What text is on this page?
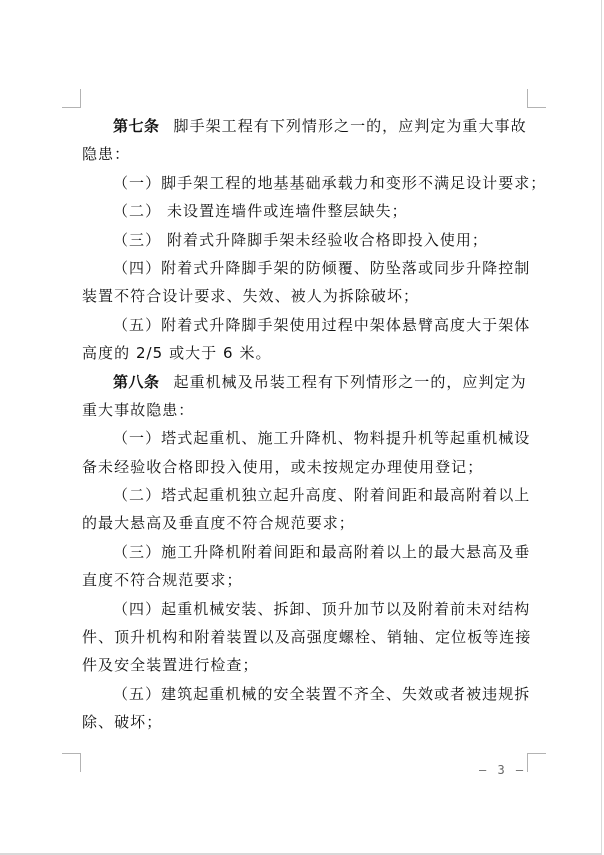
第七条 脚手架工程有下列情形之一的，应判定为重大事故
隐患：
（一）脚手架工程的地基基础承载力和变形不满足设计要求；
（二） 未设置连墙件或连墙件整层缺失；
（三） 附着式升降脚手架未经验收合格即投入使用；
（四）附着式升降脚手架的防倾覆、防坠落或同步升降控制
装置不符合设计要求、失效、被人为拆除破坏；
（五）附着式升降脚手架使用过程中架体悬臂高度大于架体
高度的 2/5 或大于 6 米。
第八条 起重机械及吊装工程有下列情形之一的，应判定为
重大事故隐患：
（一）塔式起重机、施工升降机、物料提升机等起重机械设
备未经验收合格即投入使用，或未按规定办理使用登记；
（二）塔式起重机独立起升高度、附着间距和最高附着以上
的最大悬高及垂直度不符合规范要求；
（三）施工升降机附着间距和最高附着以上的最大悬高及垂
直度不符合规范要求；
（四）起重机械安装、拆卸、顶升加节以及附着前未对结构
件、顶升机构和附着装置以及高强度螺栓、销轴、定位板等连接
件及安全装置进行检查；
（五）建筑起重机械的安全装置不齐全、失效或者被违规拆
除、破坏；
— 3 —
